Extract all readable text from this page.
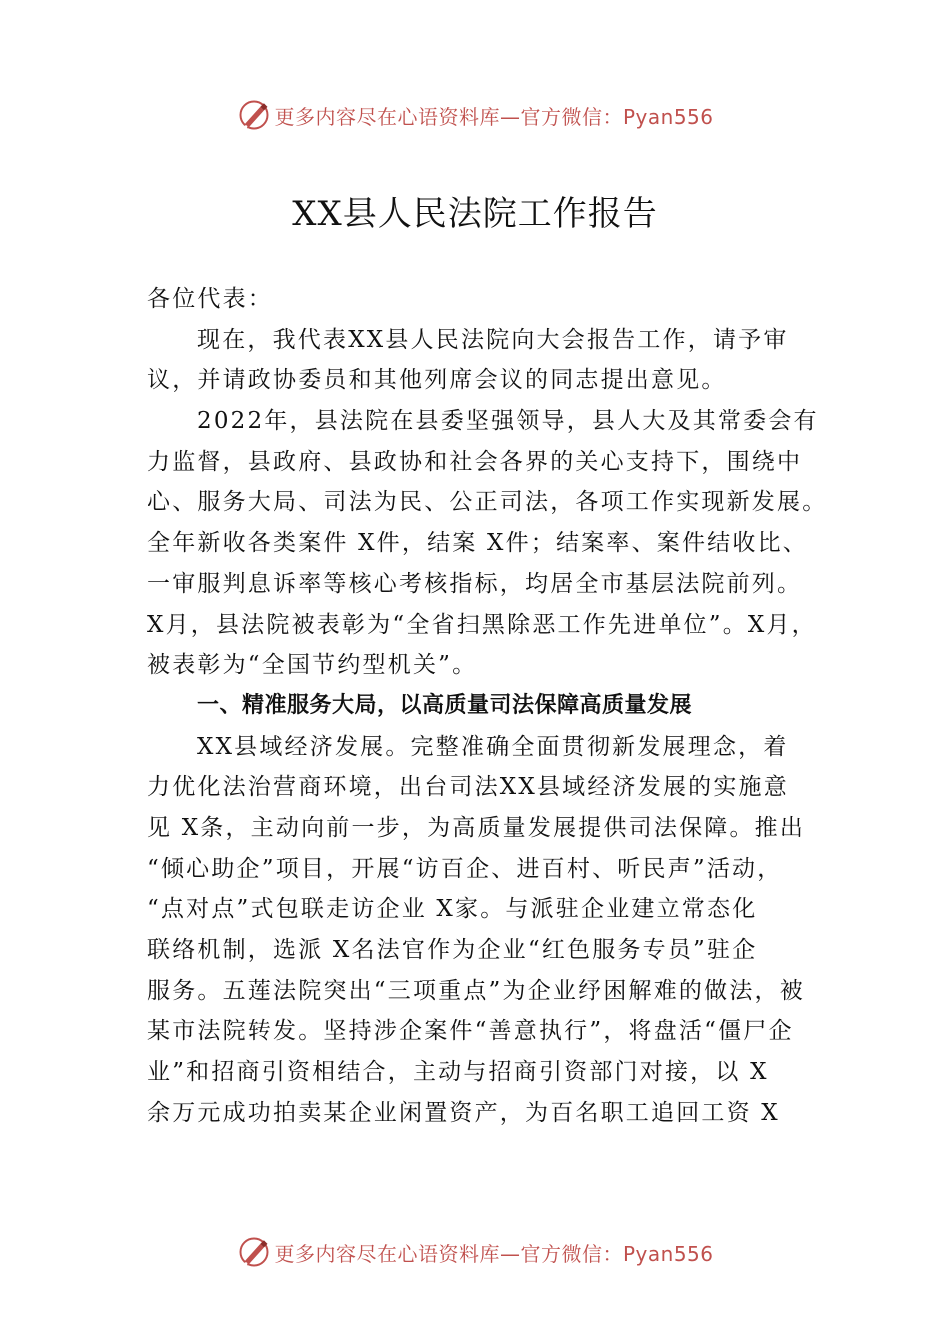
更多内容尽在心语资料库—官方微信：Pyan556
XX县人民法院工作报告
各位代表：
现在，我代表XX县人民法院向大会报告工作，请予审
议，并请政协委员和其他列席会议的同志提出意见。
2022年，县法院在县委坚强领导，县人大及其常委会有
力监督，县政府、县政协和社会各界的关心支持下，围绕中
心、服务大局、司法为民、公正司法，各项工作实现新发展。
全年新收各类案件 X件，结案 X件；结案率、案件结收比、
一审服判息诉率等核心考核指标，均居全市基层法院前列。
X月，县法院被表彰为“全省扫黑除恶工作先进单位”。X月，
被表彰为“全国节约型机关”。
一、精准服务大局，以高质量司法保障高质量发展
XX县域经济发展。完整准确全面贯彻新发展理念，着
力优化法治营商环境，出台司法XX县域经济发展的实施意
见 X条，主动向前一步，为高质量发展提供司法保障。推出
“倾心助企”项目，开展“访百企、进百村、听民声”活动，
“点对点”式包联走访企业 X家。与派驻企业建立常态化
联络机制，选派 X名法官作为企业“红色服务专员”驻企
服务。五莲法院突出“三项重点”为企业纾困解难的做法，被
某市法院转发。坚持涉企案件“善意执行”，将盘活“僵尸企
业”和招商引资相结合，主动与招商引资部门对接，以 X
余万元成功拍卖某企业闲置资产，为百名职工追回工资 X
更多内容尽在心语资料库—官方微信：Pyan556
